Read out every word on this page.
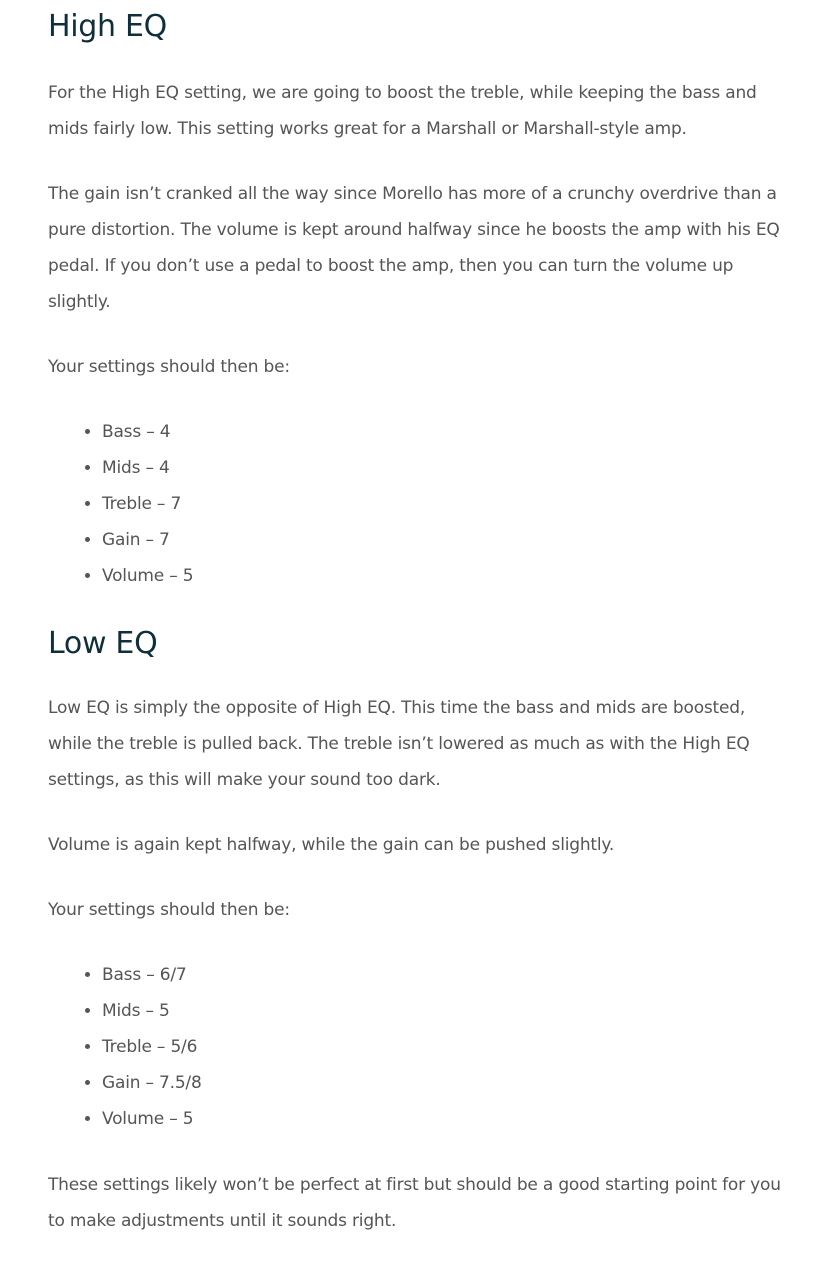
High EQ

For the High EQ setting, we are going to boost the treble, while keeping the bass and mids fairly low. This setting works great for a Marshall or Marshall-style amp.

The gain isn’t cranked all the way since Morello has more of a crunchy overdrive than a pure distortion. The volume is kept around halfway since he boosts the amp with his EQ pedal. If you don’t use a pedal to boost the amp, then you can turn the volume up slightly.

Your settings should then be:

• Bass – 4
• Mids – 4
• Treble – 7
• Gain – 7
• Volume – 5
Low EQ

Low EQ is simply the opposite of High EQ. This time the bass and mids are boosted, while the treble is pulled back. The treble isn’t lowered as much as with the High EQ settings, as this will make your sound too dark.

Volume is again kept halfway, while the gain can be pushed slightly.

Your settings should then be:

• Bass – 6/7
• Mids – 5
• Treble – 5/6
• Gain – 7.5/8
• Volume – 5

These settings likely won’t be perfect at first but should be a good starting point for you to make adjustments until it sounds right.
